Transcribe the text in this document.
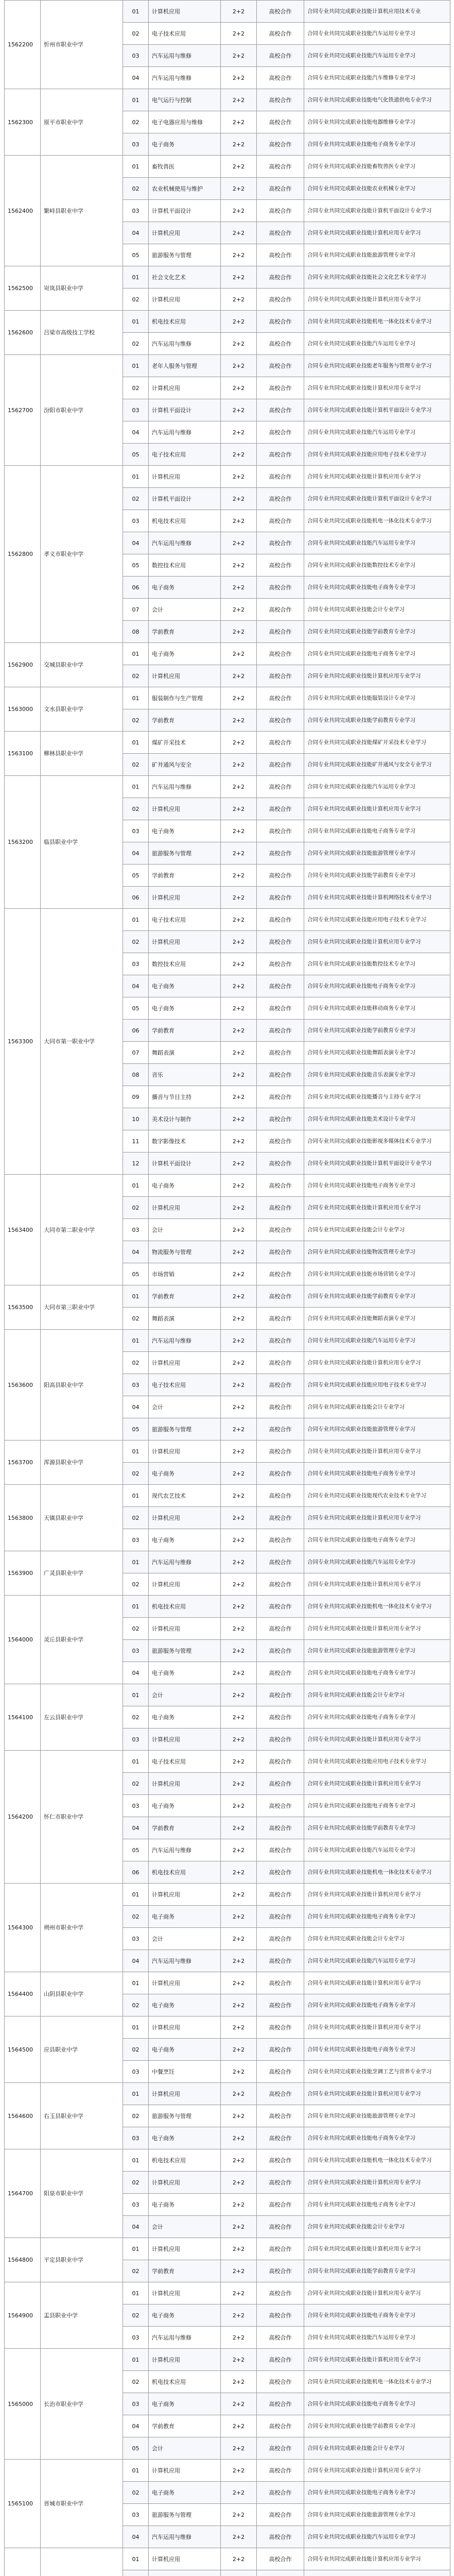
1562200	忻州市职业中学	01	计算机应用	2+2	高校合作	合同专业共同完成职业技能计算机应用技术专业
		02	电子技术应用	2+2	高校合作	合同专业共同完成职业技能汽车运用专业学习
		03	汽车运用与维修	2+2	高校合作	合同专业共同完成职业技能汽车运用专业学习
		04	汽车运用与维修	2+2	高校合作	合同专业共同完成职业技能汽车维修专业学习
1562300	原平市职业中学	01	电气运行与控制	2+2	高校合作	合同专业共同完成职业技能电气化铁道供电专业学习
		02	电子电器应用与维修	2+2	高校合作	合同专业共同完成职业技能电器维修专业学习
		03	电子商务	2+2	高校合作	合同专业共同完成职业技能电子商务专业学习
1562400	繁峙县职业中学	01	畜牧兽医	2+2	高校合作	合同专业共同完成职业技能畜牧兽医专业学习
		02	农业机械使用与维护	2+2	高校合作	合同专业共同完成职业技能农业机械专业学习
		03	计算机平面设计	2+2	高校合作	合同专业共同完成职业技能计算机平面设计专业学习
		04	计算机应用	2+2	高校合作	合同专业共同完成职业技能计算机应用专业学习
		05	旅游服务与管理	2+2	高校合作	合同专业共同完成职业技能旅游管理专业学习
1562500	岢岚县职业中学	01	社会文化艺术	2+2	高校合作	合同专业共同完成职业技能社会文化艺术专业学习
		02	计算机应用	2+2	高校合作	合同专业共同完成职业技能计算机应用专业学习
1562600	吕梁市高级技工学校	01	机电技术应用	2+2	高校合作	合同专业共同完成职业技能机电一体化技术专业学习
		02	汽车运用与维修	2+2	高校合作	合同专业共同完成职业技能汽车运用专业学习
1562700	汾阳市职业中学	01	老年人服务与管理	2+2	高校合作	合同专业共同完成职业技能老年服务与管理专业学习
		02	计算机应用	2+2	高校合作	合同专业共同完成职业技能计算机应用专业学习
		03	计算机平面设计	2+2	高校合作	合同专业共同完成职业技能计算机平面设计专业学习
		04	汽车运用与维修	2+2	高校合作	合同专业共同完成职业技能汽车运用专业学习
		05	电子技术应用	2+2	高校合作	合同专业共同完成职业技能应用电子技术专业学习
1562800	孝义市职业中学	01	计算机应用	2+2	高校合作	合同专业共同完成职业技能计算机应用专业学习
		02	计算机平面设计	2+2	高校合作	合同专业共同完成职业技能计算机平面设计专业学习
		03	机电技术应用	2+2	高校合作	合同专业共同完成职业技能机电一体化技术专业学习
		04	汽车运用与维修	2+2	高校合作	合同专业共同完成职业技能汽车运用专业学习
		05	数控技术应用	2+2	高校合作	合同专业共同完成职业技能数控技术专业学习
		06	电子商务	2+2	高校合作	合同专业共同完成职业技能电子商务专业学习
		07	会计	2+2	高校合作	合同专业共同完成职业技能会计专业学习
		08	学前教育	2+2	高校合作	合同专业共同完成职业技能学前教育专业学习
1562900	交城县职业中学	01	电子商务	2+2	高校合作	合同专业共同完成职业技能电子商务专业学习
		02	计算机应用	2+2	高校合作	合同专业共同完成职业技能计算机应用专业学习
1563000	文水县职业中学	01	服装制作与生产管理	2+2	高校合作	合同专业共同完成职业技能服装设计专业学习
		02	学前教育	2+2	高校合作	合同专业共同完成职业技能学前教育专业学习
1563100	柳林县职业中学	01	煤矿开采技术	2+2	高校合作	合同专业共同完成职业技能煤矿开采技术专业学习
		02	矿井通风与安全	2+2	高校合作	合同专业共同完成职业技能矿井通风与安全专业学习
1563200	临县职业中学	01	汽车运用与维修	2+2	高校合作	合同专业共同完成职业技能汽车运用专业学习
		02	计算机应用	2+2	高校合作	合同专业共同完成职业技能计算机应用专业学习
		03	电子商务	2+2	高校合作	合同专业共同完成职业技能电子商务专业学习
		04	旅游服务与管理	2+2	高校合作	合同专业共同完成职业技能旅游管理专业学习
		05	学前教育	2+2	高校合作	合同专业共同完成职业技能学前教育专业学习
		06	计算机应用	2+2	高校合作	合同专业共同完成职业技能计算机网络技术专业学习
1563300	大同市第一职业中学	01	电子技术应用	2+2	高校合作	合同专业共同完成职业技能应用电子技术专业学习
		02	计算机应用	2+2	高校合作	合同专业共同完成职业技能计算机应用专业学习
		03	数控技术应用	2+2	高校合作	合同专业共同完成职业技能数控技术专业学习
		04	电子商务	2+2	高校合作	合同专业共同完成职业技能电子商务专业学习
		05	电子商务	2+2	高校合作	合同专业共同完成职业技能移动商务专业学习
		06	学前教育	2+2	高校合作	合同专业共同完成职业技能学前教育专业学习
		07	舞蹈表演	2+2	高校合作	合同专业共同完成职业技能舞蹈表演专业学习
		08	音乐	2+2	高校合作	合同专业共同完成职业技能音乐表演专业学习
		09	播音与节目主持	2+2	高校合作	合同专业共同完成职业技能播音与主持专业学习
		10	美术设计与制作	2+2	高校合作	合同专业共同完成职业技能美术设计专业学习
		11	数字影像技术	2+2	高校合作	合同专业共同完成职业技能影视多媒体技术专业学习
		12	计算机平面设计	2+2	高校合作	合同专业共同完成职业技能计算机平面设计专业学习
1563400	大同市第二职业中学	01	电子商务	2+2	高校合作	合同专业共同完成职业技能电子商务专业学习
		02	计算机应用	2+2	高校合作	合同专业共同完成职业技能计算机应用专业学习
		03	会计	2+2	高校合作	合同专业共同完成职业技能会计专业学习
		04	物流服务与管理	2+2	高校合作	合同专业共同完成职业技能物流管理专业学习
		05	市场营销	2+2	高校合作	合同专业共同完成职业技能市场营销专业学习
1563500	大同市第三职业中学	01	学前教育	2+2	高校合作	合同专业共同完成职业技能学前教育专业学习
		02	舞蹈表演	2+2	高校合作	合同专业共同完成职业技能舞蹈表演专业学习
1563600	阳高县职业中学	01	汽车运用与维修	2+2	高校合作	合同专业共同完成职业技能汽车运用专业学习
		02	计算机应用	2+2	高校合作	合同专业共同完成职业技能计算机应用专业学习
		03	电子技术应用	2+2	高校合作	合同专业共同完成职业技能应用电子技术专业学习
		04	会计	2+2	高校合作	合同专业共同完成职业技能会计专业学习
		05	旅游服务与管理	2+2	高校合作	合同专业共同完成职业技能旅游管理专业学习
1563700	浑源县职业中学	01	计算机应用	2+2	高校合作	合同专业共同完成职业技能计算机应用专业学习
		02	电子商务	2+2	高校合作	合同专业共同完成职业技能电子商务专业学习
1563800	天镇县职业中学	01	现代农艺技术	2+2	高校合作	合同专业共同完成职业技能现代农业技术专业学习
		02	计算机应用	2+2	高校合作	合同专业共同完成职业技能计算机应用专业学习
		03	电子商务	2+2	高校合作	合同专业共同完成职业技能电子商务专业学习
1563900	广灵县职业中学	01	汽车运用与维修	2+2	高校合作	合同专业共同完成职业技能汽车运用专业学习
		02	计算机应用	2+2	高校合作	合同专业共同完成职业技能计算机应用专业学习
1564000	灵丘县职业中学	01	机电技术应用	2+2	高校合作	合同专业共同完成职业技能机电一体化技术专业学习
		02	计算机应用	2+2	高校合作	合同专业共同完成职业技能计算机应用专业学习
		03	旅游服务与管理	2+2	高校合作	合同专业共同完成职业技能旅游管理专业学习
		04	电子商务	2+2	高校合作	合同专业共同完成职业技能电子商务专业学习
1564100	左云县职业中学	01	会计	2+2	高校合作	合同专业共同完成职业技能会计专业学习
		02	电子商务	2+2	高校合作	合同专业共同完成职业技能电子商务专业学习
		03	计算机应用	2+2	高校合作	合同专业共同完成职业技能计算机应用专业学习
1564200	怀仁市职业中学	01	电子技术应用	2+2	高校合作	合同专业共同完成职业技能应用电子技术专业学习
		02	计算机应用	2+2	高校合作	合同专业共同完成职业技能计算机应用专业学习
		03	电子商务	2+2	高校合作	合同专业共同完成职业技能电子商务专业学习
		04	学前教育	2+2	高校合作	合同专业共同完成职业技能学前教育专业学习
		05	汽车运用与维修	2+2	高校合作	合同专业共同完成职业技能汽车运用专业学习
		06	机电技术应用	2+2	高校合作	合同专业共同完成职业技能机电一体化技术专业学习
1564300	朔州市职业中学	01	计算机应用	2+2	高校合作	合同专业共同完成职业技能计算机应用专业学习
		02	电子商务	2+2	高校合作	合同专业共同完成职业技能电子商务专业学习
		03	会计	2+2	高校合作	合同专业共同完成职业技能会计专业学习
		04	汽车运用与维修	2+2	高校合作	合同专业共同完成职业技能汽车运用专业学习
1564400	山阴县职业中学	01	计算机应用	2+2	高校合作	合同专业共同完成职业技能计算机应用专业学习
		02	电子商务	2+2	高校合作	合同专业共同完成职业技能电子商务专业学习
1564500	应县职业中学	01	计算机应用	2+2	高校合作	合同专业共同完成职业技能计算机应用专业学习
		02	电子商务	2+2	高校合作	合同专业共同完成职业技能电子商务专业学习
		03	中餐烹饪	2+2	高校合作	合同专业共同完成职业技能烹调工艺与营养专业学习
1564600	右玉县职业中学	01	计算机应用	2+2	高校合作	合同专业共同完成职业技能计算机应用专业学习
		02	旅游服务与管理	2+2	高校合作	合同专业共同完成职业技能旅游管理专业学习
		03	电子商务	2+2	高校合作	合同专业共同完成职业技能电子商务专业学习
1564700	阳泉市职业中学	01	机电技术应用	2+2	高校合作	合同专业共同完成职业技能机电一体化技术专业学习
		02	计算机应用	2+2	高校合作	合同专业共同完成职业技能计算机应用专业学习
		03	电子商务	2+2	高校合作	合同专业共同完成职业技能电子商务专业学习
		04	会计	2+2	高校合作	合同专业共同完成职业技能会计专业学习
1564800	平定县职业中学	01	计算机应用	2+2	高校合作	合同专业共同完成职业技能计算机应用专业学习
		02	学前教育	2+2	高校合作	合同专业共同完成职业技能学前教育专业学习
1564900	盂县职业中学	01	计算机应用	2+2	高校合作	合同专业共同完成职业技能计算机应用专业学习
		02	电子商务	2+2	高校合作	合同专业共同完成职业技能电子商务专业学习
		03	汽车运用与维修	2+2	高校合作	合同专业共同完成职业技能汽车运用专业学习
1565000	长治市职业中学	01	计算机应用	2+2	高校合作	合同专业共同完成职业技能计算机应用专业学习
		02	机电技术应用	2+2	高校合作	合同专业共同完成职业技能机电一体化技术专业学习
		03	电子商务	2+2	高校合作	合同专业共同完成职业技能电子商务专业学习
		04	学前教育	2+2	高校合作	合同专业共同完成职业技能学前教育专业学习
		05	会计	2+2	高校合作	合同专业共同完成职业技能会计专业学习
1565100	晋城市职业中学	01	计算机应用	2+2	高校合作	合同专业共同完成职业技能计算机应用专业学习
		02	电子商务	2+2	高校合作	合同专业共同完成职业技能电子商务专业学习
		03	旅游服务与管理	2+2	高校合作	合同专业共同完成职业技能旅游管理专业学习
		04	汽车运用与维修	2+2	高校合作	合同专业共同完成职业技能汽车运用专业学习
		01	计算机应用	2+2	高校合作	合同专业共同完成职业技能计算机应用专业学习
